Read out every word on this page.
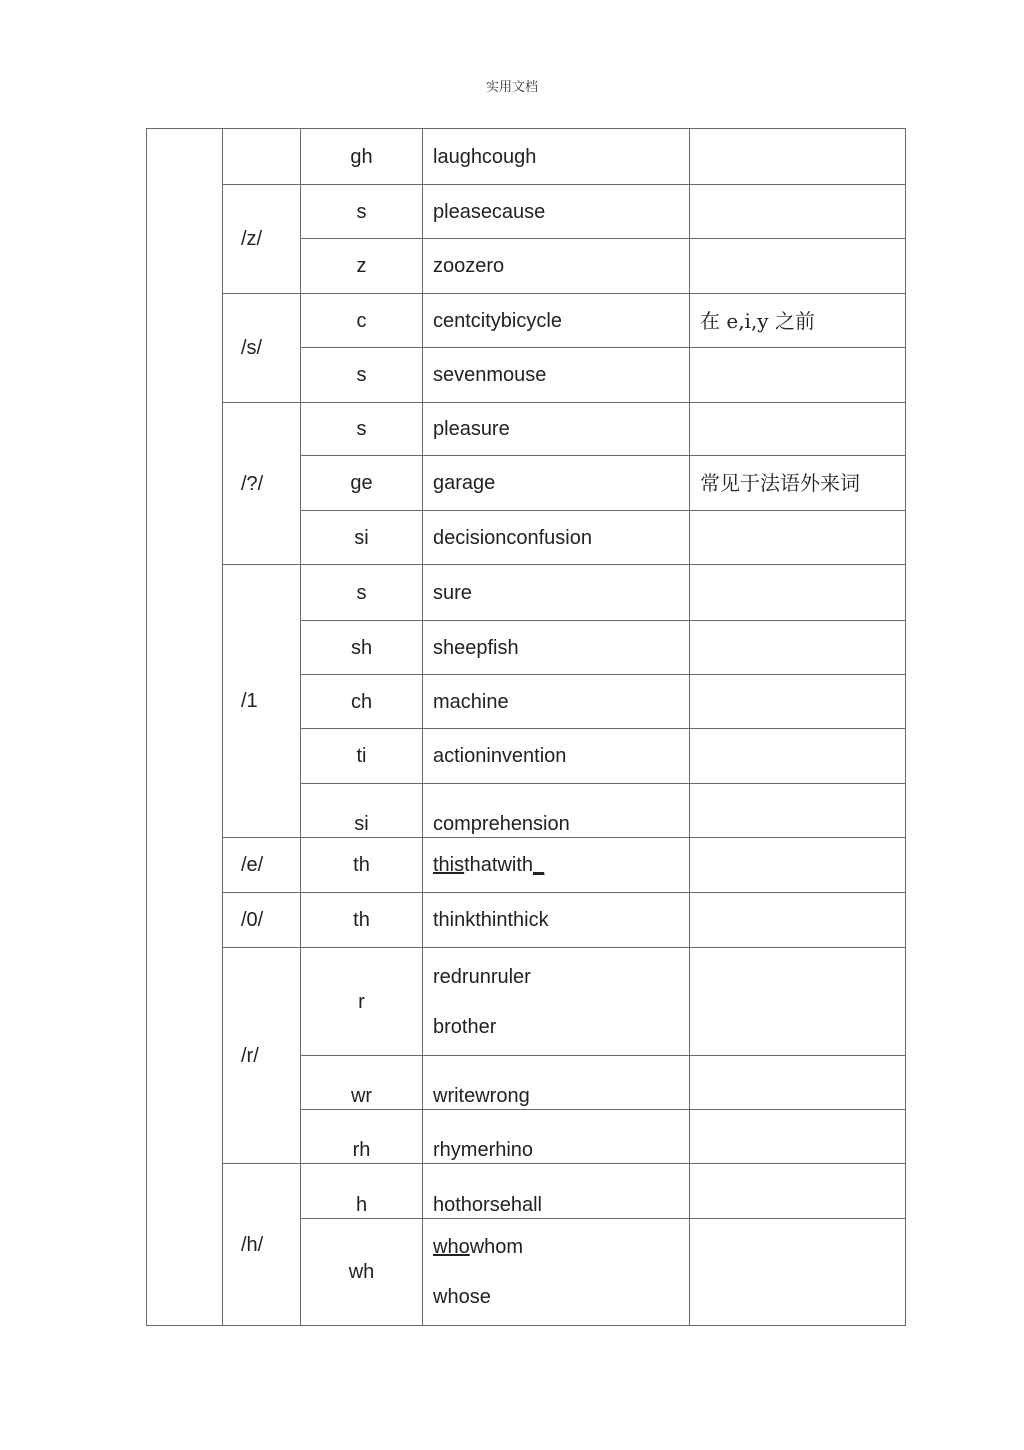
实用文档
		gh	laughcough	
	/z/	s	pleasecause	
		z	zoozero	
	/s/	c	centcitybicycle	在 e,i,y 之前
		s	sevenmouse	
	/?/	s	pleasure	
		ge	garage	常见于法语外来词
		si	decisionconfusion	
	/1	s	sure	
		sh	sheepfish	
		ch	machine	
		ti	actioninvention	
		si	comprehension	
	/e/	th	thisthatwith_	
	/0/	th	thinkthinthick	
	/r/	r	redrunruler
brother	

		wr	writewrong	
		rh	rhymerhino	
	/h/	h	hothorsehall	
		wh	whowhom
whose	
